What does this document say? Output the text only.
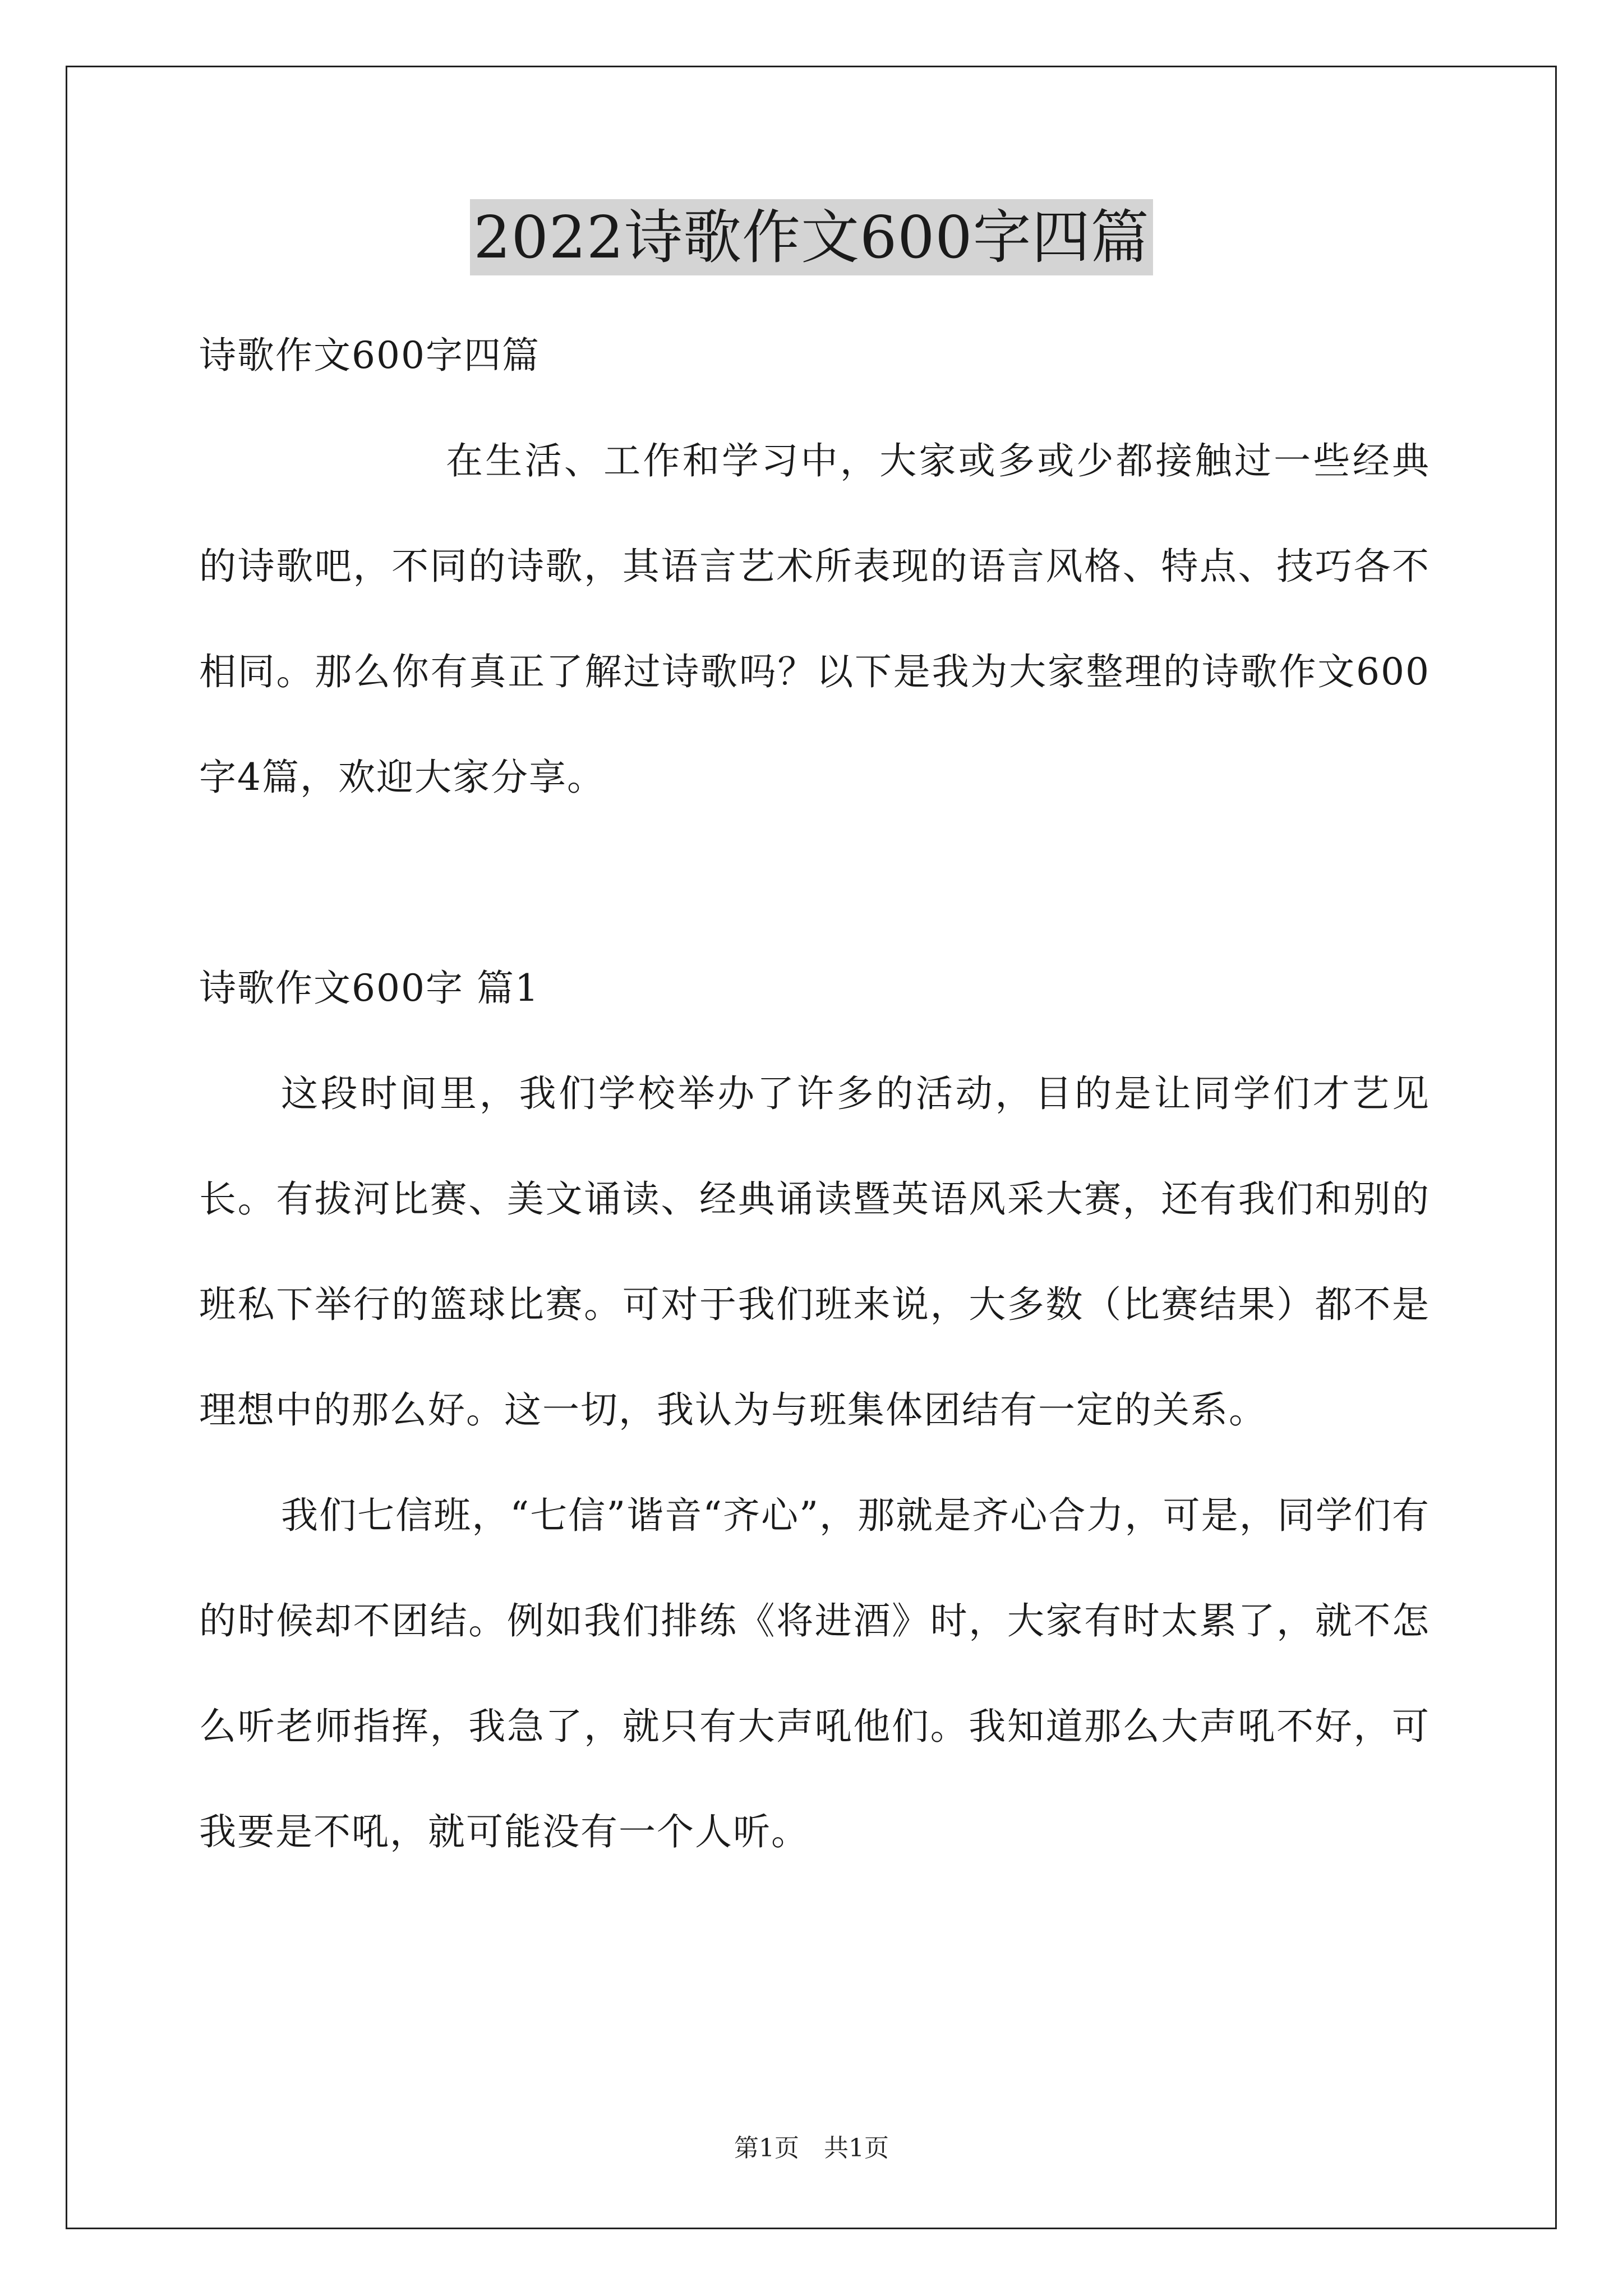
2022诗歌作文600字四篇

诗歌作文600字四篇

在生活、工作和学习中，大家或多或少都接触过一些经典的诗歌吧，不同的诗歌，其语言艺术所表现的语言风格、特点、技巧各不相同。那么你有真正了解过诗歌吗？以下是我为大家整理的诗歌作文600字4篇，欢迎大家分享。

诗歌作文600字 篇1

这段时间里，我们学校举办了许多的活动，目的是让同学们才艺见长。有拔河比赛、美文诵读、经典诵读暨英语风采大赛，还有我们和别的班私下举行的篮球比赛。可对于我们班来说，大多数（比赛结果）都不是理想中的那么好。这一切，我认为与班集体团结有一定的关系。

我们七信班，“七信”谐音“齐心”，那就是齐心合力，可是，同学们有的时候却不团结。例如我们排练《将进酒》时，大家有时太累了，就不怎么听老师指挥，我急了，就只有大声吼他们。我知道那么大声吼不好，可我要是不吼，就可能没有一个人听。

第1页　共1页
